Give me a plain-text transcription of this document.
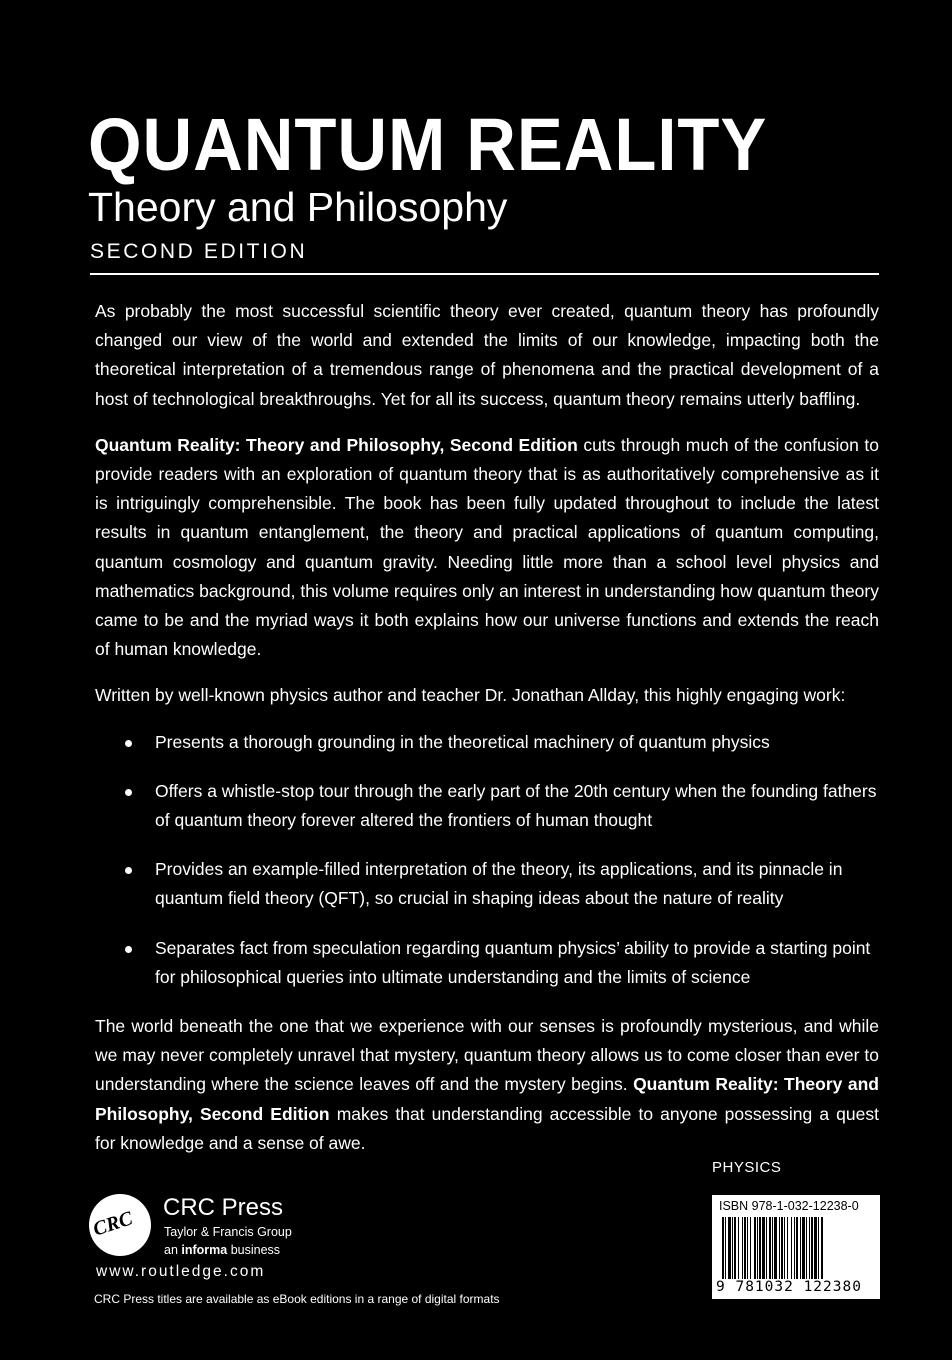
QUANTUM REALITY
Theory and Philosophy
SECOND EDITION

As probably the most successful scientific theory ever created, quantum theory has profoundly changed our view of the world and extended the limits of our knowledge, impacting both the theoretical interpretation of a tremendous range of phenomena and the practical development of a host of technological breakthroughs. Yet for all its success, quantum theory remains utterly baffling.

Quantum Reality: Theory and Philosophy, Second Edition cuts through much of the confusion to provide readers with an exploration of quantum theory that is as authoritatively comprehensive as it is intriguingly comprehensible. The book has been fully updated throughout to include the latest results in quantum entanglement, the theory and practical applications of quantum computing, quantum cosmology and quantum gravity. Needing little more than a school level physics and mathematics background, this volume requires only an interest in understanding how quantum theory came to be and the myriad ways it both explains how our universe functions and extends the reach of human knowledge.

Written by well-known physics author and teacher Dr. Jonathan Allday, this highly engaging work:

Presents a thorough grounding in the theoretical machinery of quantum physics
Offers a whistle-stop tour through the early part of the 20th century when the founding fathers of quantum theory forever altered the frontiers of human thought
Provides an example-filled interpretation of the theory, its applications, and its pinnacle in quantum field theory (QFT), so crucial in shaping ideas about the nature of reality
Separates fact from speculation regarding quantum physics’ ability to provide a starting point for philosophical queries into ultimate understanding and the limits of science

The world beneath the one that we experience with our senses is profoundly mysterious, and while we may never completely unravel that mystery, quantum theory allows us to come closer than ever to understanding where the science leaves off and the mystery begins. Quantum Reality: Theory and Philosophy, Second Edition makes that understanding accessible to anyone possessing a quest for knowledge and a sense of awe.

PHYSICS
ISBN 978-1-032-12238-0
9 781032 122380
CRC CRC Press
Taylor & Francis Group
an informa business
www.routledge.com
CRC Press titles are available as eBook editions in a range of digital formats
